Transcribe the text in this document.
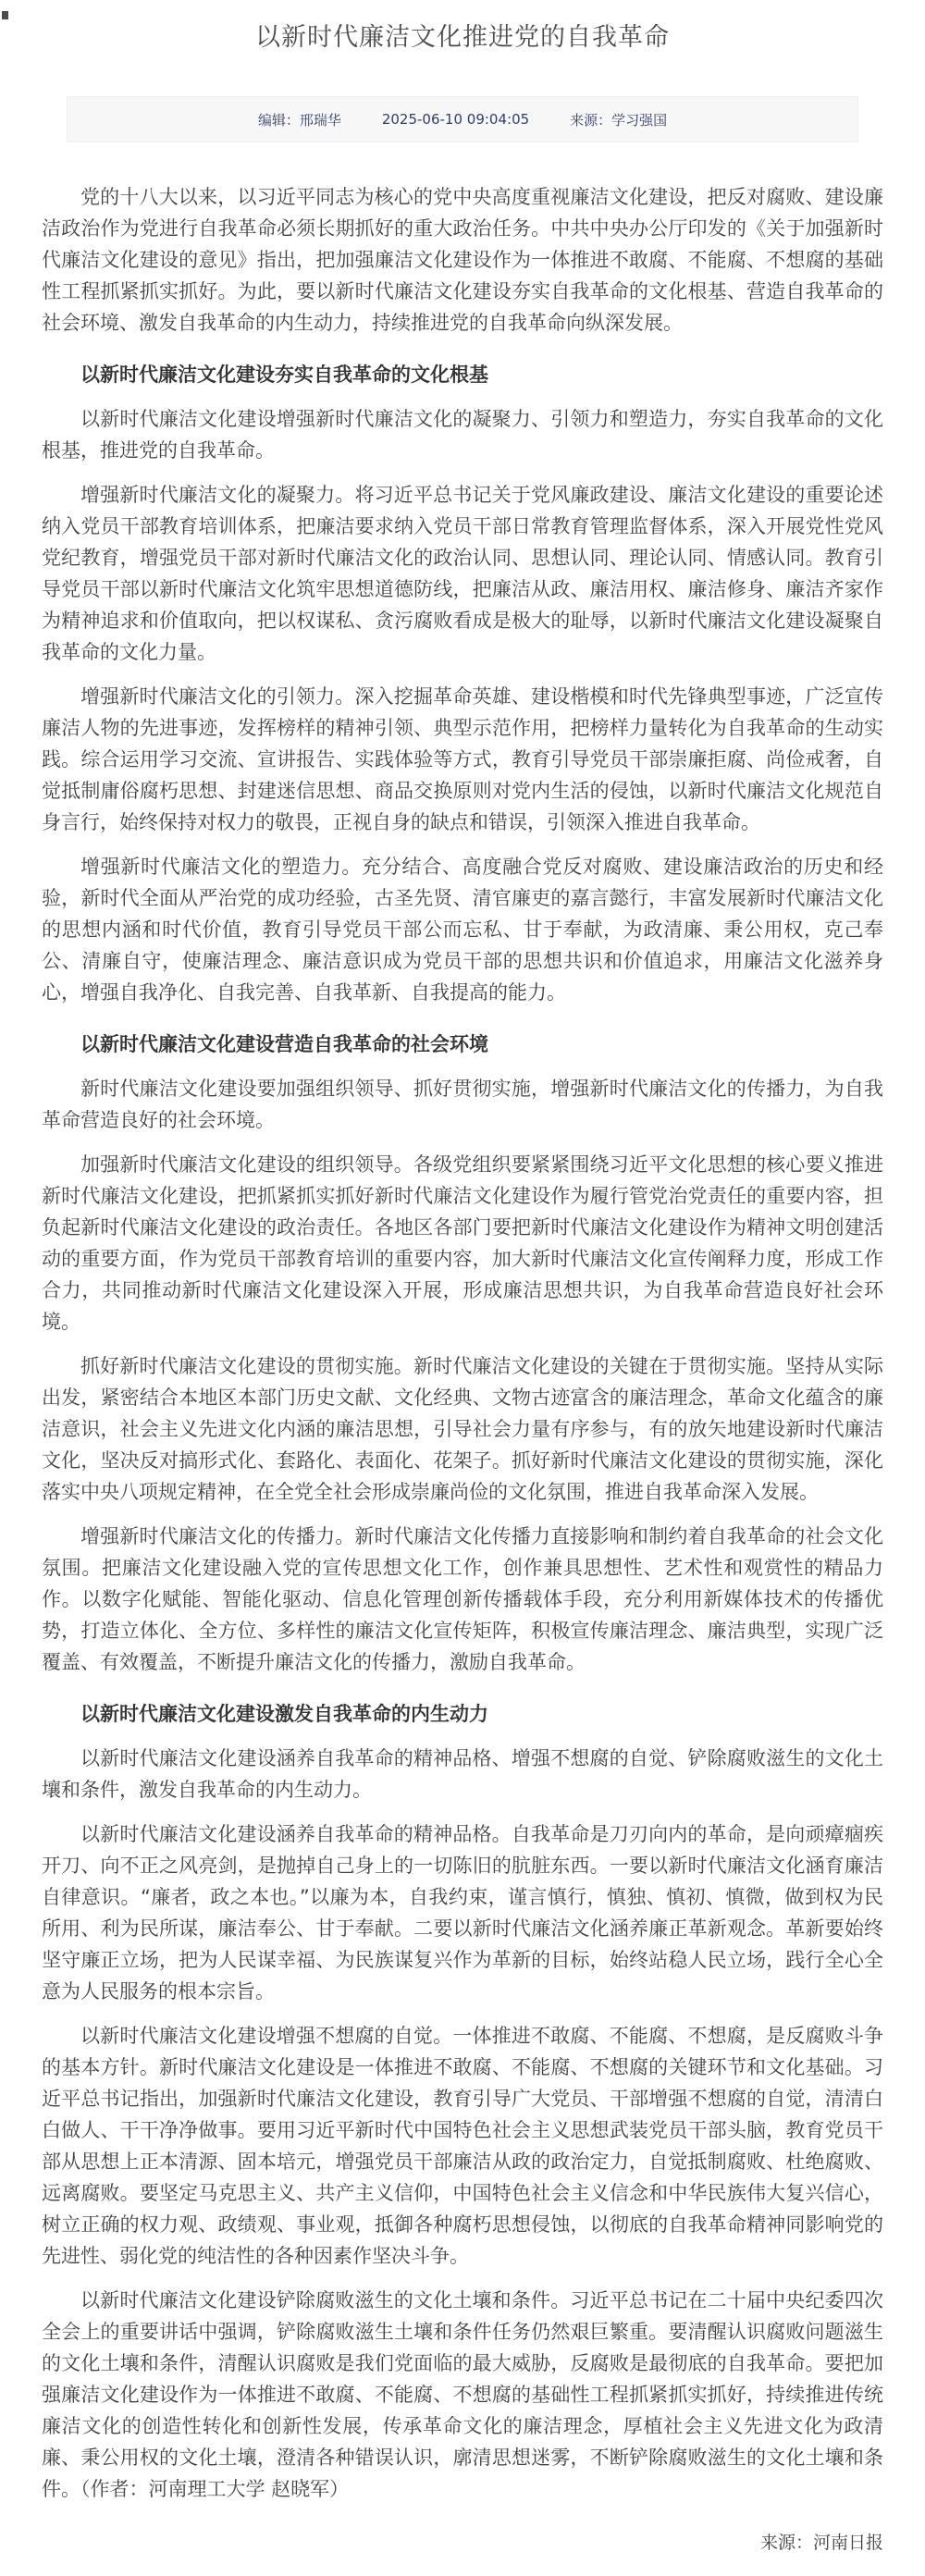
以新时代廉洁文化推进党的自我革命
编辑：邢瑞华	2025-06-10 09:04:05	来源：学习强国

党的十八大以来，以习近平同志为核心的党中央高度重视廉洁文化建设，把反对腐败、建设廉洁政治作为党进行自我革命必须长期抓好的重大政治任务。中共中央办公厅印发的《关于加强新时代廉洁文化建设的意见》指出，把加强廉洁文化建设作为一体推进不敢腐、不能腐、不想腐的基础性工程抓紧抓实抓好。为此，要以新时代廉洁文化建设夯实自我革命的文化根基、营造自我革命的社会环境、激发自我革命的内生动力，持续推进党的自我革命向纵深发展。

以新时代廉洁文化建设夯实自我革命的文化根基

以新时代廉洁文化建设增强新时代廉洁文化的凝聚力、引领力和塑造力，夯实自我革命的文化根基，推进党的自我革命。

增强新时代廉洁文化的凝聚力。将习近平总书记关于党风廉政建设、廉洁文化建设的重要论述纳入党员干部教育培训体系，把廉洁要求纳入党员干部日常教育管理监督体系，深入开展党性党风党纪教育，增强党员干部对新时代廉洁文化的政治认同、思想认同、理论认同、情感认同。教育引导党员干部以新时代廉洁文化筑牢思想道德防线，把廉洁从政、廉洁用权、廉洁修身、廉洁齐家作为精神追求和价值取向，把以权谋私、贪污腐败看成是极大的耻辱，以新时代廉洁文化建设凝聚自我革命的文化力量。

增强新时代廉洁文化的引领力。深入挖掘革命英雄、建设楷模和时代先锋典型事迹，广泛宣传廉洁人物的先进事迹，发挥榜样的精神引领、典型示范作用，把榜样力量转化为自我革命的生动实践。综合运用学习交流、宣讲报告、实践体验等方式，教育引导党员干部崇廉拒腐、尚俭戒奢，自觉抵制庸俗腐朽思想、封建迷信思想、商品交换原则对党内生活的侵蚀，以新时代廉洁文化规范自身言行，始终保持对权力的敬畏，正视自身的缺点和错误，引领深入推进自我革命。

增强新时代廉洁文化的塑造力。充分结合、高度融合党反对腐败、建设廉洁政治的历史和经验，新时代全面从严治党的成功经验，古圣先贤、清官廉吏的嘉言懿行，丰富发展新时代廉洁文化的思想内涵和时代价值，教育引导党员干部公而忘私、甘于奉献，为政清廉、秉公用权，克己奉公、清廉自守，使廉洁理念、廉洁意识成为党员干部的思想共识和价值追求，用廉洁文化滋养身心，增强自我净化、自我完善、自我革新、自我提高的能力。

以新时代廉洁文化建设营造自我革命的社会环境

新时代廉洁文化建设要加强组织领导、抓好贯彻实施，增强新时代廉洁文化的传播力，为自我革命营造良好的社会环境。

加强新时代廉洁文化建设的组织领导。各级党组织要紧紧围绕习近平文化思想的核心要义推进新时代廉洁文化建设，把抓紧抓实抓好新时代廉洁文化建设作为履行管党治党责任的重要内容，担负起新时代廉洁文化建设的政治责任。各地区各部门要把新时代廉洁文化建设作为精神文明创建活动的重要方面，作为党员干部教育培训的重要内容，加大新时代廉洁文化宣传阐释力度，形成工作合力，共同推动新时代廉洁文化建设深入开展，形成廉洁思想共识，为自我革命营造良好社会环境。

抓好新时代廉洁文化建设的贯彻实施。新时代廉洁文化建设的关键在于贯彻实施。坚持从实际出发，紧密结合本地区本部门历史文献、文化经典、文物古迹富含的廉洁理念，革命文化蕴含的廉洁意识，社会主义先进文化内涵的廉洁思想，引导社会力量有序参与，有的放矢地建设新时代廉洁文化，坚决反对搞形式化、套路化、表面化、花架子。抓好新时代廉洁文化建设的贯彻实施，深化落实中央八项规定精神，在全党全社会形成崇廉尚俭的文化氛围，推进自我革命深入发展。

增强新时代廉洁文化的传播力。新时代廉洁文化传播力直接影响和制约着自我革命的社会文化氛围。把廉洁文化建设融入党的宣传思想文化工作，创作兼具思想性、艺术性和观赏性的精品力作。以数字化赋能、智能化驱动、信息化管理创新传播载体手段，充分利用新媒体技术的传播优势，打造立体化、全方位、多样性的廉洁文化宣传矩阵，积极宣传廉洁理念、廉洁典型，实现广泛覆盖、有效覆盖，不断提升廉洁文化的传播力，激励自我革命。

以新时代廉洁文化建设激发自我革命的内生动力

以新时代廉洁文化建设涵养自我革命的精神品格、增强不想腐的自觉、铲除腐败滋生的文化土壤和条件，激发自我革命的内生动力。

以新时代廉洁文化建设涵养自我革命的精神品格。自我革命是刀刃向内的革命，是向顽瘴痼疾开刀、向不正之风亮剑，是抛掉自己身上的一切陈旧的肮脏东西。一要以新时代廉洁文化涵育廉洁自律意识。“廉者，政之本也。”以廉为本，自我约束，谨言慎行，慎独、慎初、慎微，做到权为民所用、利为民所谋，廉洁奉公、甘于奉献。二要以新时代廉洁文化涵养廉正革新观念。革新要始终坚守廉正立场，把为人民谋幸福、为民族谋复兴作为革新的目标，始终站稳人民立场，践行全心全意为人民服务的根本宗旨。

以新时代廉洁文化建设增强不想腐的自觉。一体推进不敢腐、不能腐、不想腐，是反腐败斗争的基本方针。新时代廉洁文化建设是一体推进不敢腐、不能腐、不想腐的关键环节和文化基础。习近平总书记指出，加强新时代廉洁文化建设，教育引导广大党员、干部增强不想腐的自觉，清清白白做人、干干净净做事。要用习近平新时代中国特色社会主义思想武装党员干部头脑，教育党员干部从思想上正本清源、固本培元，增强党员干部廉洁从政的政治定力，自觉抵制腐败、杜绝腐败、远离腐败。要坚定马克思主义、共产主义信仰，中国特色社会主义信念和中华民族伟大复兴信心，树立正确的权力观、政绩观、事业观，抵御各种腐朽思想侵蚀，以彻底的自我革命精神同影响党的先进性、弱化党的纯洁性的各种因素作坚决斗争。

以新时代廉洁文化建设铲除腐败滋生的文化土壤和条件。习近平总书记在二十届中央纪委四次全会上的重要讲话中强调，铲除腐败滋生土壤和条件任务仍然艰巨繁重。要清醒认识腐败问题滋生的文化土壤和条件，清醒认识腐败是我们党面临的最大威胁，反腐败是最彻底的自我革命。要把加强廉洁文化建设作为一体推进不敢腐、不能腐、不想腐的基础性工程抓紧抓实抓好，持续推进传统廉洁文化的创造性转化和创新性发展，传承革命文化的廉洁理念，厚植社会主义先进文化为政清廉、秉公用权的文化土壤，澄清各种错误认识，廓清思想迷雾，不断铲除腐败滋生的文化土壤和条件。（作者：河南理工大学 赵晓军）

来源：河南日报
